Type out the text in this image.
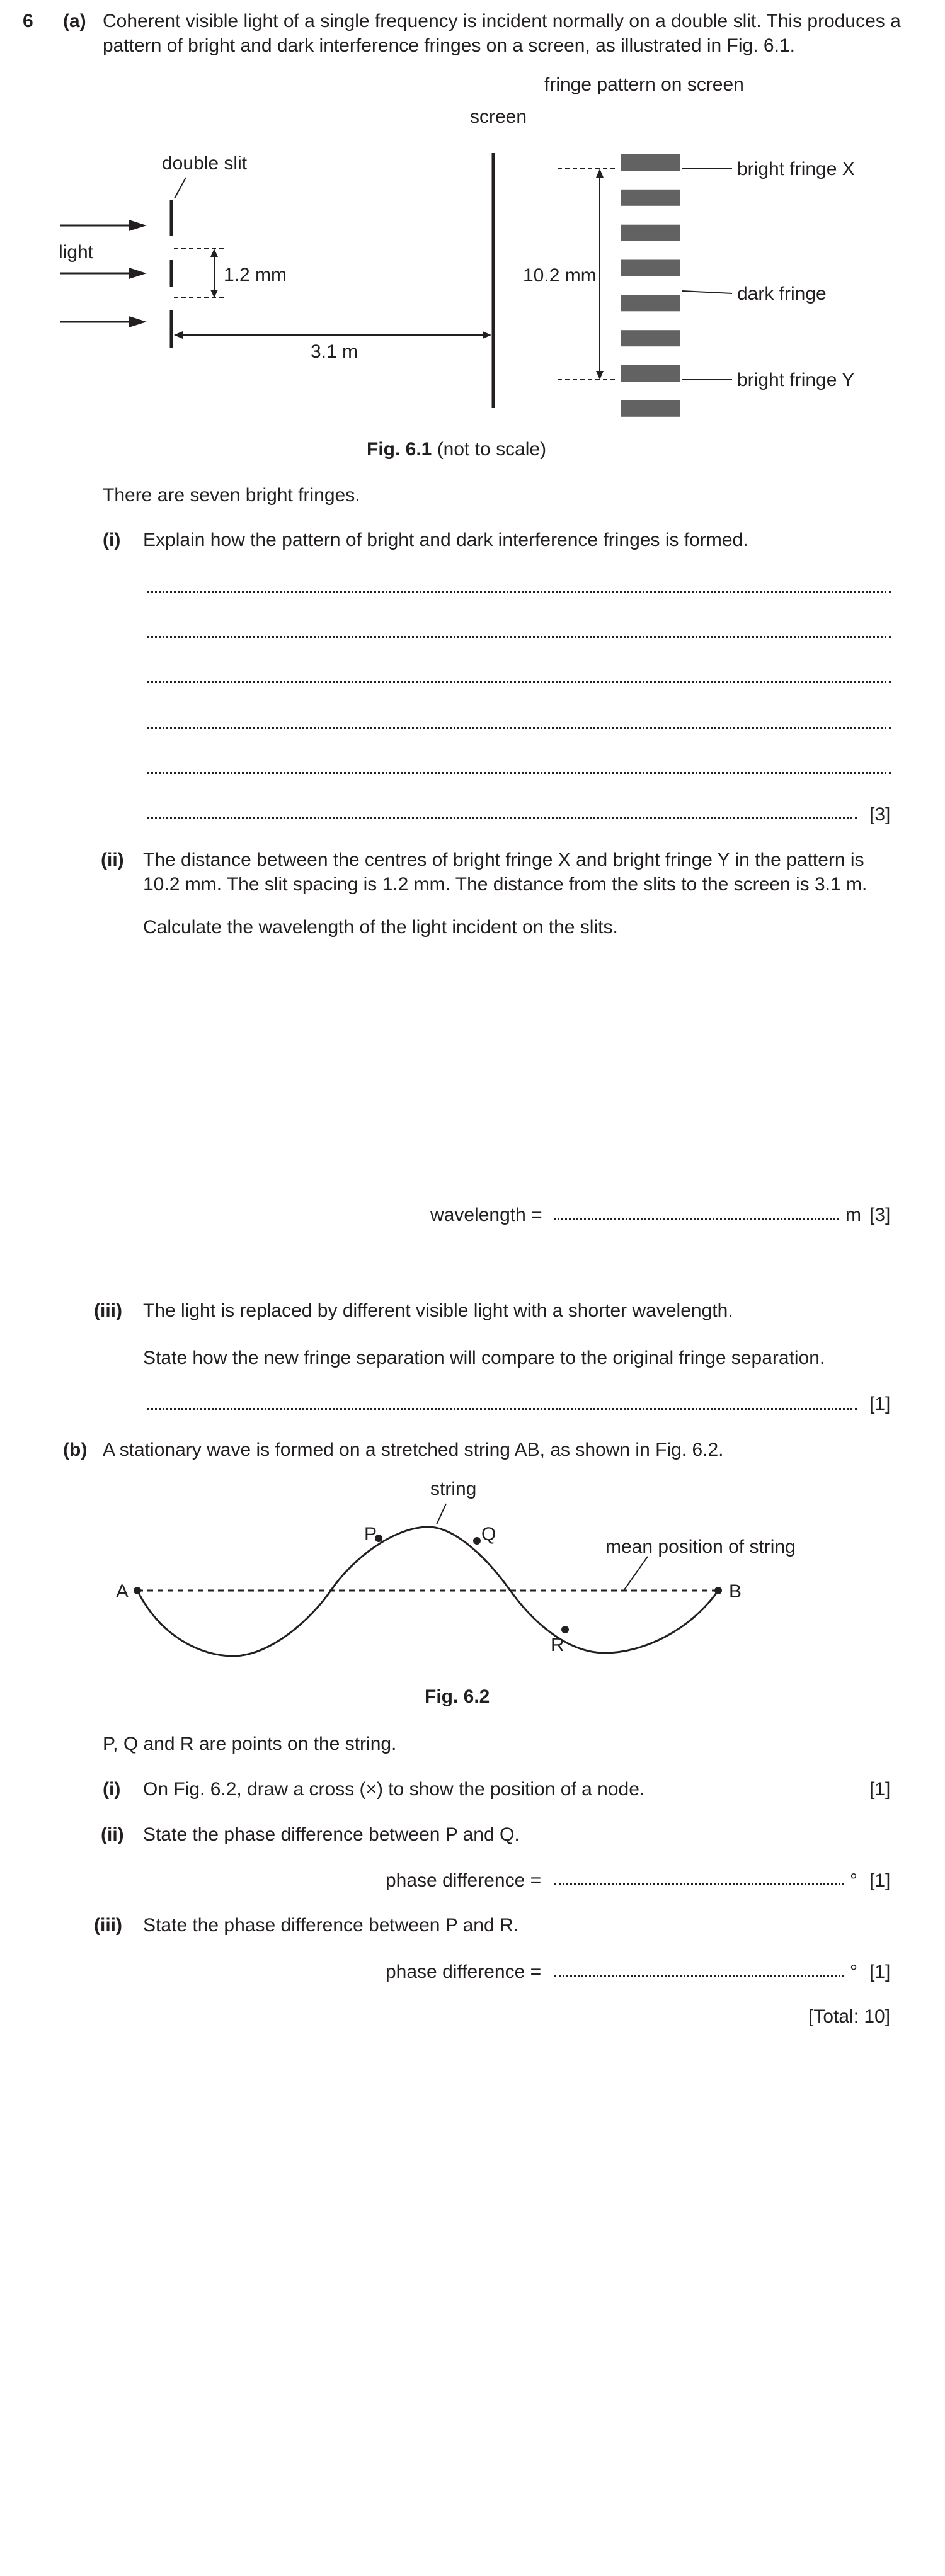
6 (a) Coherent visible light of a single frequency is incident normally on a double slit. This produces a pattern of bright and dark interference fringes on a screen, as illustrated in Fig. 6.1.
fringe pattern on screen
screen
double slit
light
1.2 mm
3.1 m
10.2 mm
bright fringe X
dark fringe
bright fringe Y
Fig. 6.1 (not to scale)
There are seven bright fringes.
(i) Explain how the pattern of bright and dark interference fringes is formed.
[3]
(ii) The distance between the centres of bright fringe X and bright fringe Y in the pattern is 10.2 mm. The slit spacing is 1.2 mm. The distance from the slits to the screen is 3.1 m.
Calculate the wavelength of the light incident on the slits.
wavelength =	m [3]
(iii) The light is replaced by different visible light with a shorter wavelength.
State how the new fringe separation will compare to the original fringe separation.
[1]
(b) A stationary wave is formed on a stretched string AB, as shown in Fig. 6.2.
string
mean position of string
A	B
P	Q
R
Fig. 6.2
P, Q and R are points on the string.
(i) On Fig. 6.2, draw a cross (×) to show the position of a node.	[1]
(ii) State the phase difference between P and Q.
phase difference =	° [1]
(iii) State the phase difference between P and R.
phase difference =	° [1]
[Total: 10]
